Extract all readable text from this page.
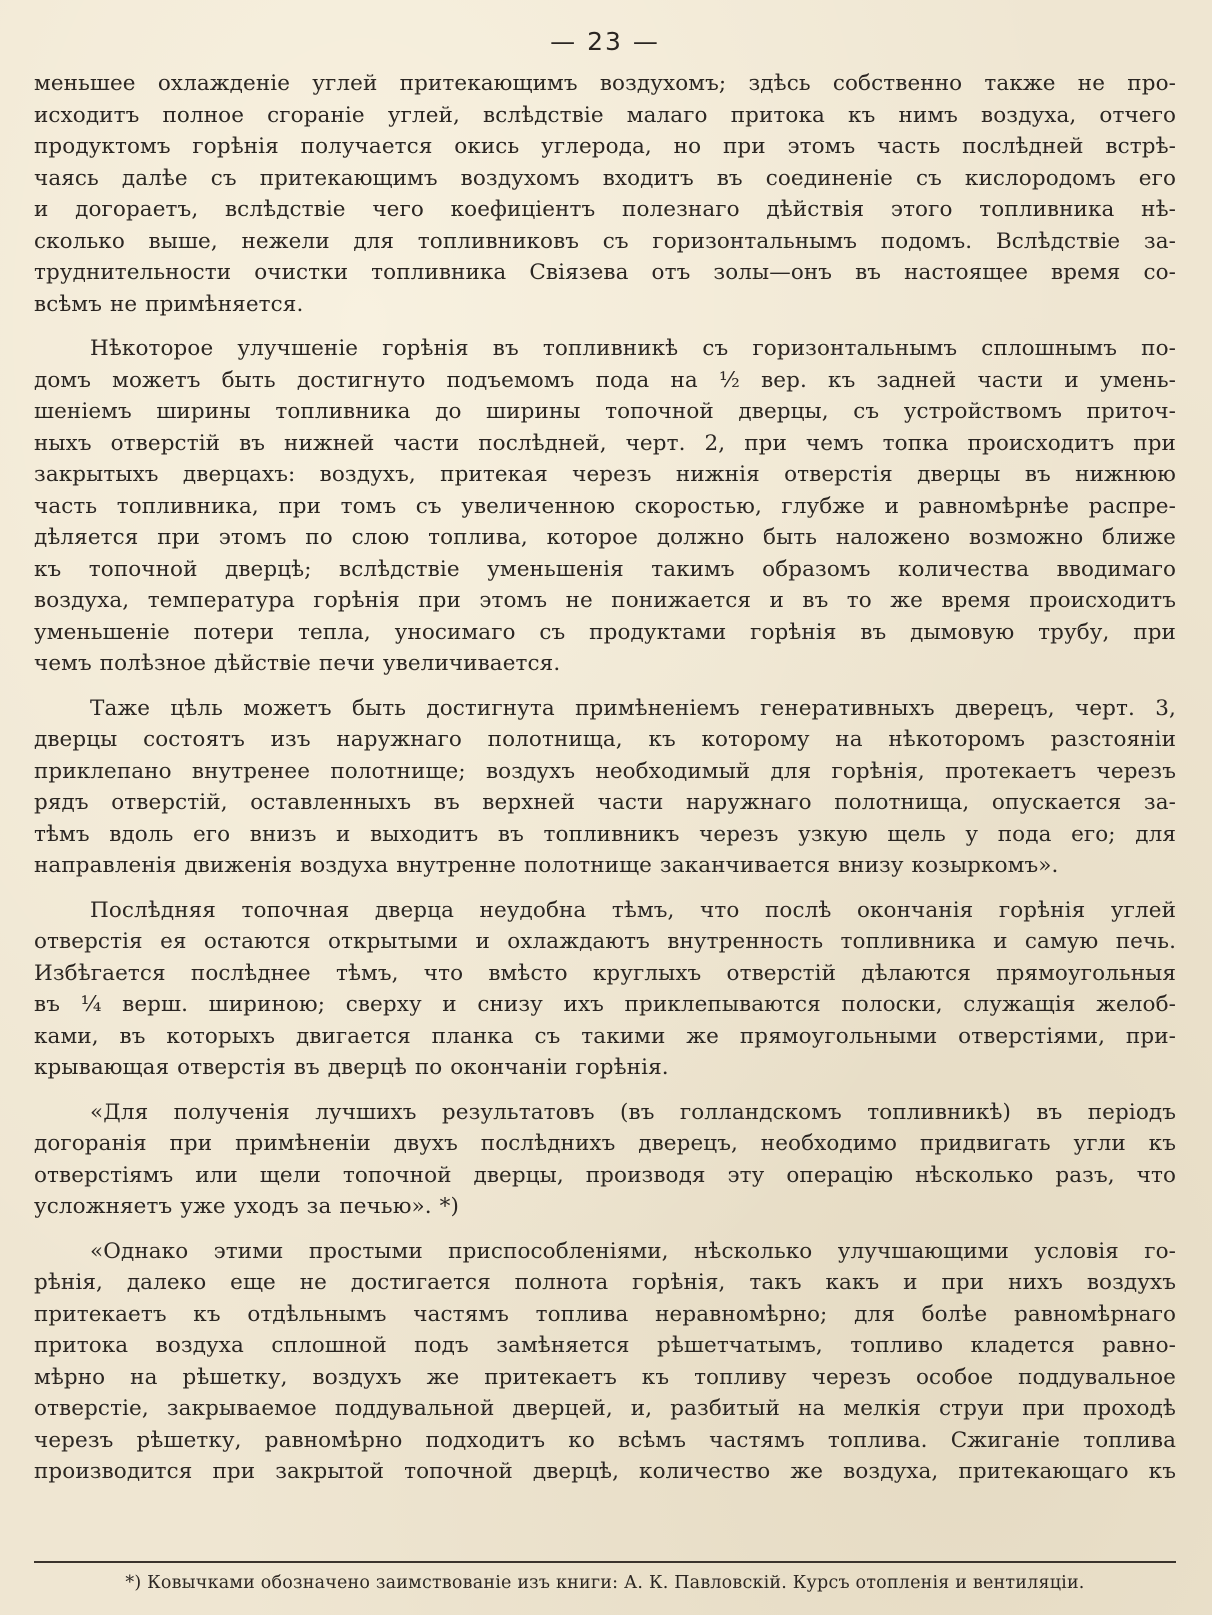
— 23 —
меньшее охлажденіе углей притекающимъ воздухомъ; здѣсь собственно также не про-
исходитъ полное сгораніе углей, вслѣдствіе малаго притока къ нимъ воздуха, отчего
продуктомъ горѣнія получается окись углерода, но при этомъ часть послѣдней встрѣ-
чаясь далѣе съ притекающимъ воздухомъ входитъ въ соединеніе съ кислородомъ его
и догораетъ, вслѣдствіе чего коефиціентъ полезнаго дѣйствія этого топливника нѣ-
сколько выше, нежели для топливниковъ съ горизонтальнымъ подомъ. Вслѣдствіе за-
труднительности очистки топливника Свіязева отъ золы—онъ въ настоящее время со-
всѣмъ не примѣняется.
Нѣкоторое улучшеніе горѣнія въ топливникѣ съ горизонтальнымъ сплошнымъ по-
домъ можетъ быть достигнуто подъемомъ пода на ½ вер. къ задней части и умень-
шеніемъ ширины топливника до ширины топочной дверцы, съ устройствомъ приточ-
ныхъ отверстій въ нижней части послѣдней, черт. 2, при чемъ топка происходитъ при
закрытыхъ дверцахъ: воздухъ, притекая черезъ нижнія отверстія дверцы въ нижнюю
часть топливника, при томъ съ увеличенною скоростью, глубже и равномѣрнѣе распре-
дѣляется при этомъ по слою топлива, которое должно быть наложено возможно ближе
къ топочной дверцѣ; вслѣдствіе уменьшенія такимъ образомъ количества вводимаго
воздуха, температура горѣнія при этомъ не понижается и въ то же время происходитъ
уменьшеніе потери тепла, уносимаго съ продуктами горѣнія въ дымовую трубу, при
чемъ полѣзное дѣйствіе печи увеличивается.
Таже цѣль можетъ быть достигнута примѣненіемъ генеративныхъ дверецъ, черт. 3,
дверцы состоятъ изъ наружнаго полотнища, къ которому на нѣкоторомъ разстояніи
приклепано внутренее полотнище; воздухъ необходимый для горѣнія, протекаетъ черезъ
рядъ отверстій, оставленныхъ въ верхней части наружнаго полотнища, опускается за-
тѣмъ вдоль его внизъ и выходитъ въ топливникъ черезъ узкую щель у пода его; для
направленія движенія воздуха внутренне полотнище заканчивается внизу козыркомъ».
Послѣдняя топочная дверца неудобна тѣмъ, что послѣ окончанія горѣнія углей
отверстія ея остаются открытыми и охлаждаютъ внутренность топливника и самую печь.
Избѣгается послѣднее тѣмъ, что вмѣсто круглыхъ отверстій дѣлаются прямоугольныя
въ ¼ верш. шириною; сверху и снизу ихъ приклепываются полоски, служащія желоб-
ками, въ которыхъ двигается планка съ такими же прямоугольными отверстіями, при-
крывающая отверстія въ дверцѣ по окончаніи горѣнія.
«Для полученія лучшихъ результатовъ (въ голландскомъ топливникѣ) въ періодъ
догоранія при примѣненіи двухъ послѣднихъ дверецъ, необходимо придвигать угли къ
отверстіямъ или щели топочной дверцы, производя эту операцію нѣсколько разъ, что
усложняетъ уже уходъ за печью». *)
«Однако этими простыми приспособленіями, нѣсколько улучшающими условія го-
рѣнія, далеко еще не достигается полнота горѣнія, такъ какъ и при нихъ воздухъ
притекаетъ къ отдѣльнымъ частямъ топлива неравномѣрно; для болѣе равномѣрнаго
притока воздуха сплошной подъ замѣняется рѣшетчатымъ, топливо кладется равно-
мѣрно на рѣшетку, воздухъ же притекаетъ къ топливу черезъ особое поддувальное
отверстіе, закрываемое поддувальной дверцей, и, разбитый на мелкія струи при проходѣ
черезъ рѣшетку, равномѣрно подходитъ ко всѣмъ частямъ топлива. Сжиганіе топлива
производится при закрытой топочной дверцѣ, количество же воздуха, притекающаго къ
*) Ковычками обозначено заимствованіе изъ книги: А. К. Павловскій. Курсъ отопленія и вентиляціи.
